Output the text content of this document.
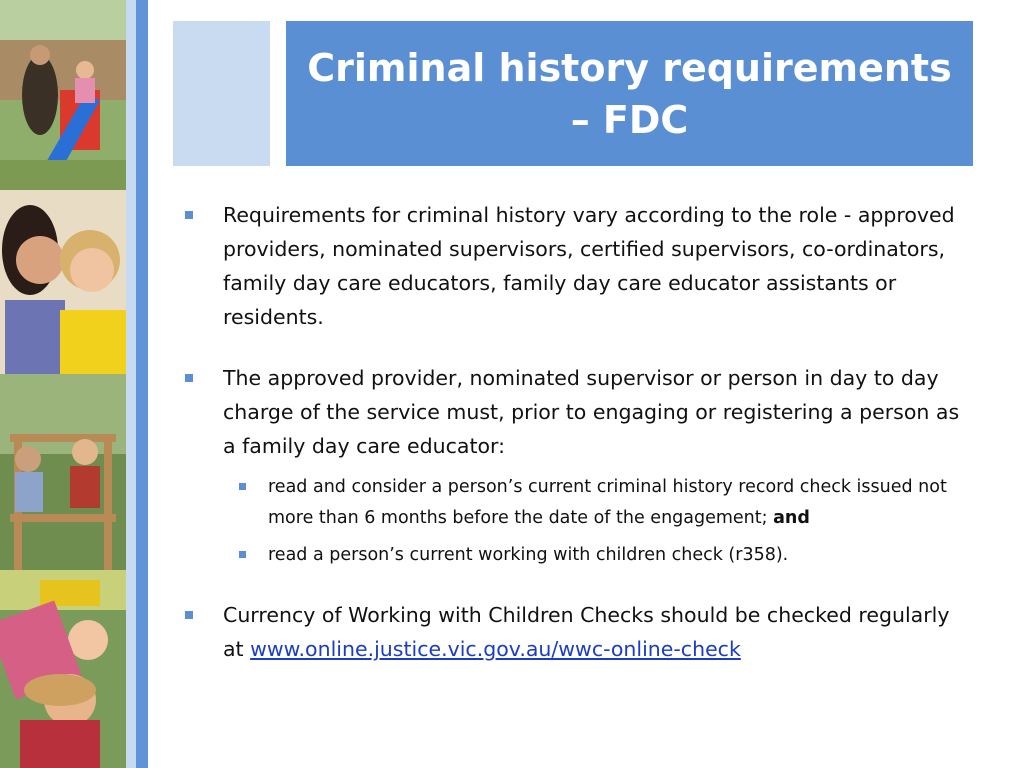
Criminal history requirements – FDC
Requirements for criminal history vary according to the role - approved providers, nominated supervisors, certified supervisors, co-ordinators, family day care educators, family day care educator assistants or residents.
The approved provider, nominated supervisor or person in day to day charge of the service must, prior to engaging or registering a person as a family day care educator:
read and consider a person’s current criminal history record check issued not more than 6 months before the date of the engagement; and
read a person’s current working with children check (r358).
Currency of Working with Children Checks should be checked regularly at www.online.justice.vic.gov.au/wwc-online-check
